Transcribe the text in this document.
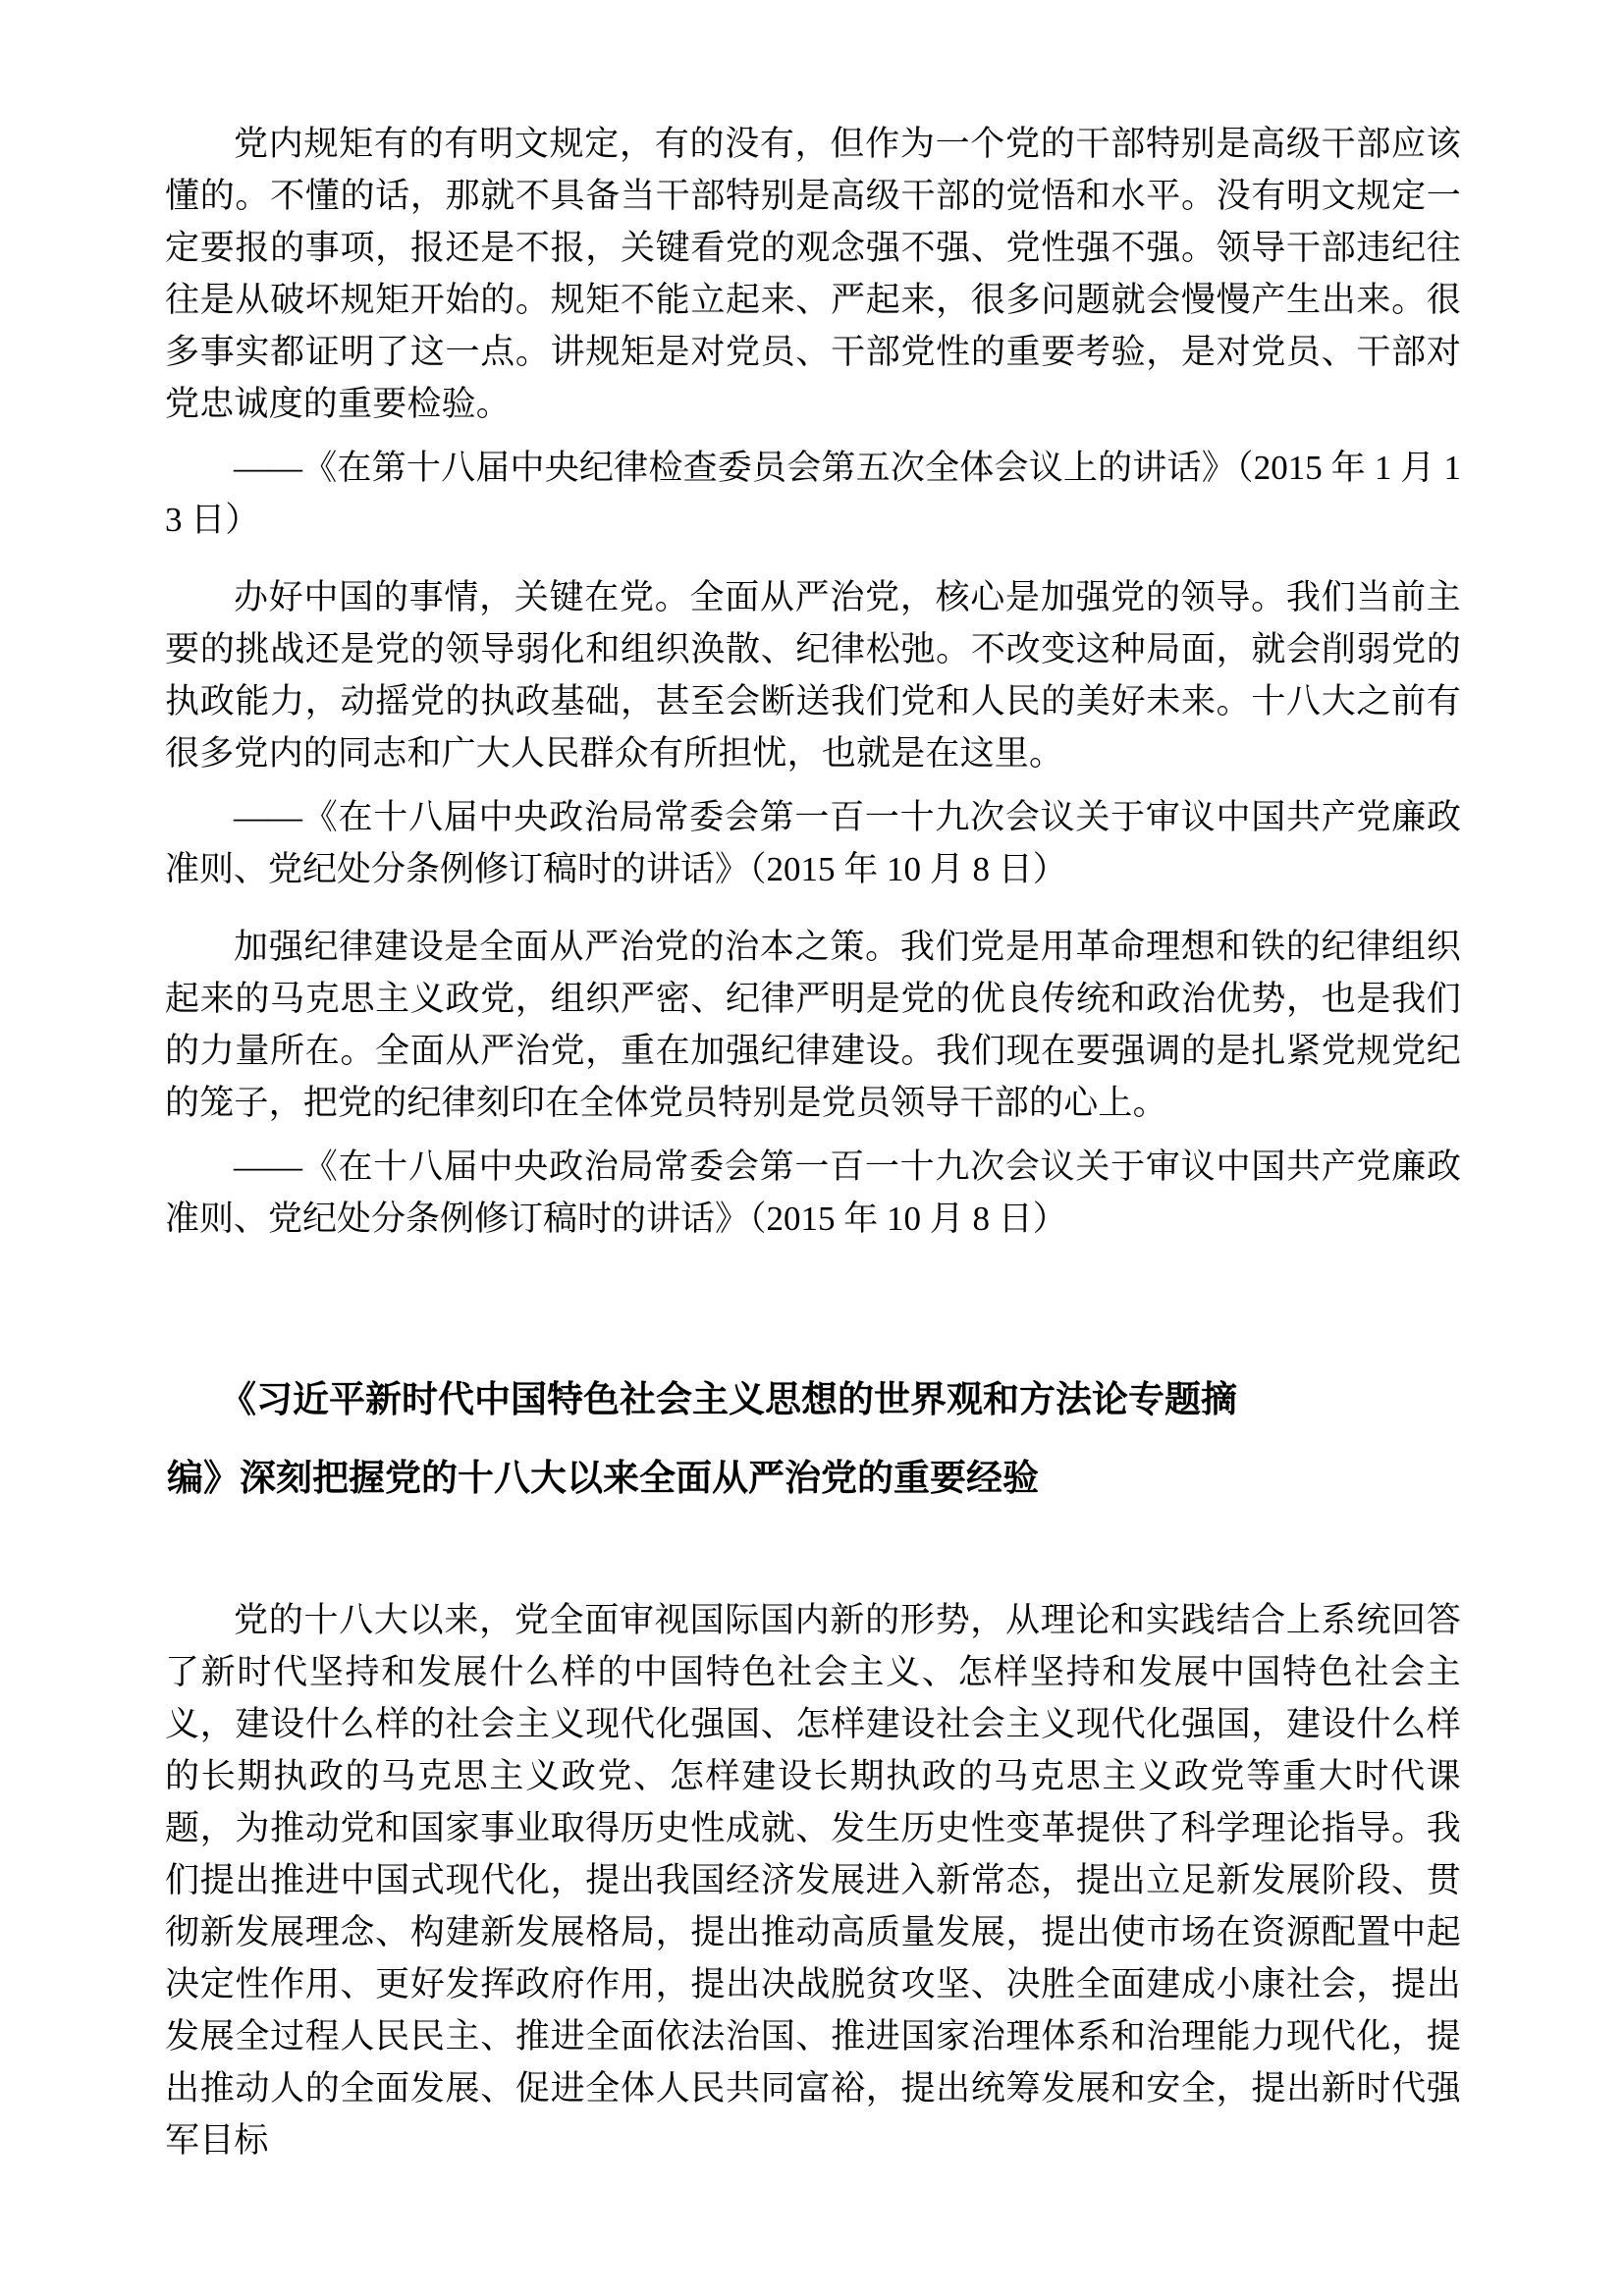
党内规矩有的有明文规定，有的没有，但作为一个党的干部特别是高级干部应该懂的。不懂的话，那就不具备当干部特别是高级干部的觉悟和水平。没有明文规定一定要报的事项，报还是不报，关键看党的观念强不强、党性强不强。领导干部违纪往往是从破坏规矩开始的。规矩不能立起来、严起来，很多问题就会慢慢产生出来。很多事实都证明了这一点。讲规矩是对党员、干部党性的重要考验，是对党员、干部对党忠诚度的重要检验。

——《在第十八届中央纪律检查委员会第五次全体会议上的讲话》（2015 年 1 月 13 日）

办好中国的事情，关键在党。全面从严治党，核心是加强党的领导。我们当前主要的挑战还是党的领导弱化和组织涣散、纪律松弛。不改变这种局面，就会削弱党的执政能力，动摇党的执政基础，甚至会断送我们党和人民的美好未来。十八大之前有很多党内的同志和广大人民群众有所担忧，也就是在这里。

——《在十八届中央政治局常委会第一百一十九次会议关于审议中国共产党廉政准则、党纪处分条例修订稿时的讲话》（2015 年 10 月 8 日）

加强纪律建设是全面从严治党的治本之策。我们党是用革命理想和铁的纪律组织起来的马克思主义政党，组织严密、纪律严明是党的优良传统和政治优势，也是我们的力量所在。全面从严治党，重在加强纪律建设。我们现在要强调的是扎紧党规党纪的笼子，把党的纪律刻印在全体党员特别是党员领导干部的心上。

——《在十八届中央政治局常委会第一百一十九次会议关于审议中国共产党廉政准则、党纪处分条例修订稿时的讲话》（2015 年 10 月 8 日）

《习近平新时代中国特色社会主义思想的世界观和方法论专题摘
编》深刻把握党的十八大以来全面从严治党的重要经验

党的十八大以来，党全面审视国际国内新的形势，从理论和实践结合上系统回答了新时代坚持和发展什么样的中国特色社会主义、怎样坚持和发展中国特色社会主义，建设什么样的社会主义现代化强国、怎样建设社会主义现代化强国，建设什么样的长期执政的马克思主义政党、怎样建设长期执政的马克思主义政党等重大时代课题，为推动党和国家事业取得历史性成就、发生历史性变革提供了科学理论指导。我们提出推进中国式现代化，提出我国经济发展进入新常态，提出立足新发展阶段、贯彻新发展理念、构建新发展格局，提出推动高质量发展，提出使市场在资源配置中起决定性作用、更好发挥政府作用，提出决战脱贫攻坚、决胜全面建成小康社会，提出发展全过程人民民主、推进全面依法治国、推进国家治理体系和治理能力现代化，提出推动人的全面发展、促进全体人民共同富裕，提出统筹发展和安全，提出新时代强军目标
